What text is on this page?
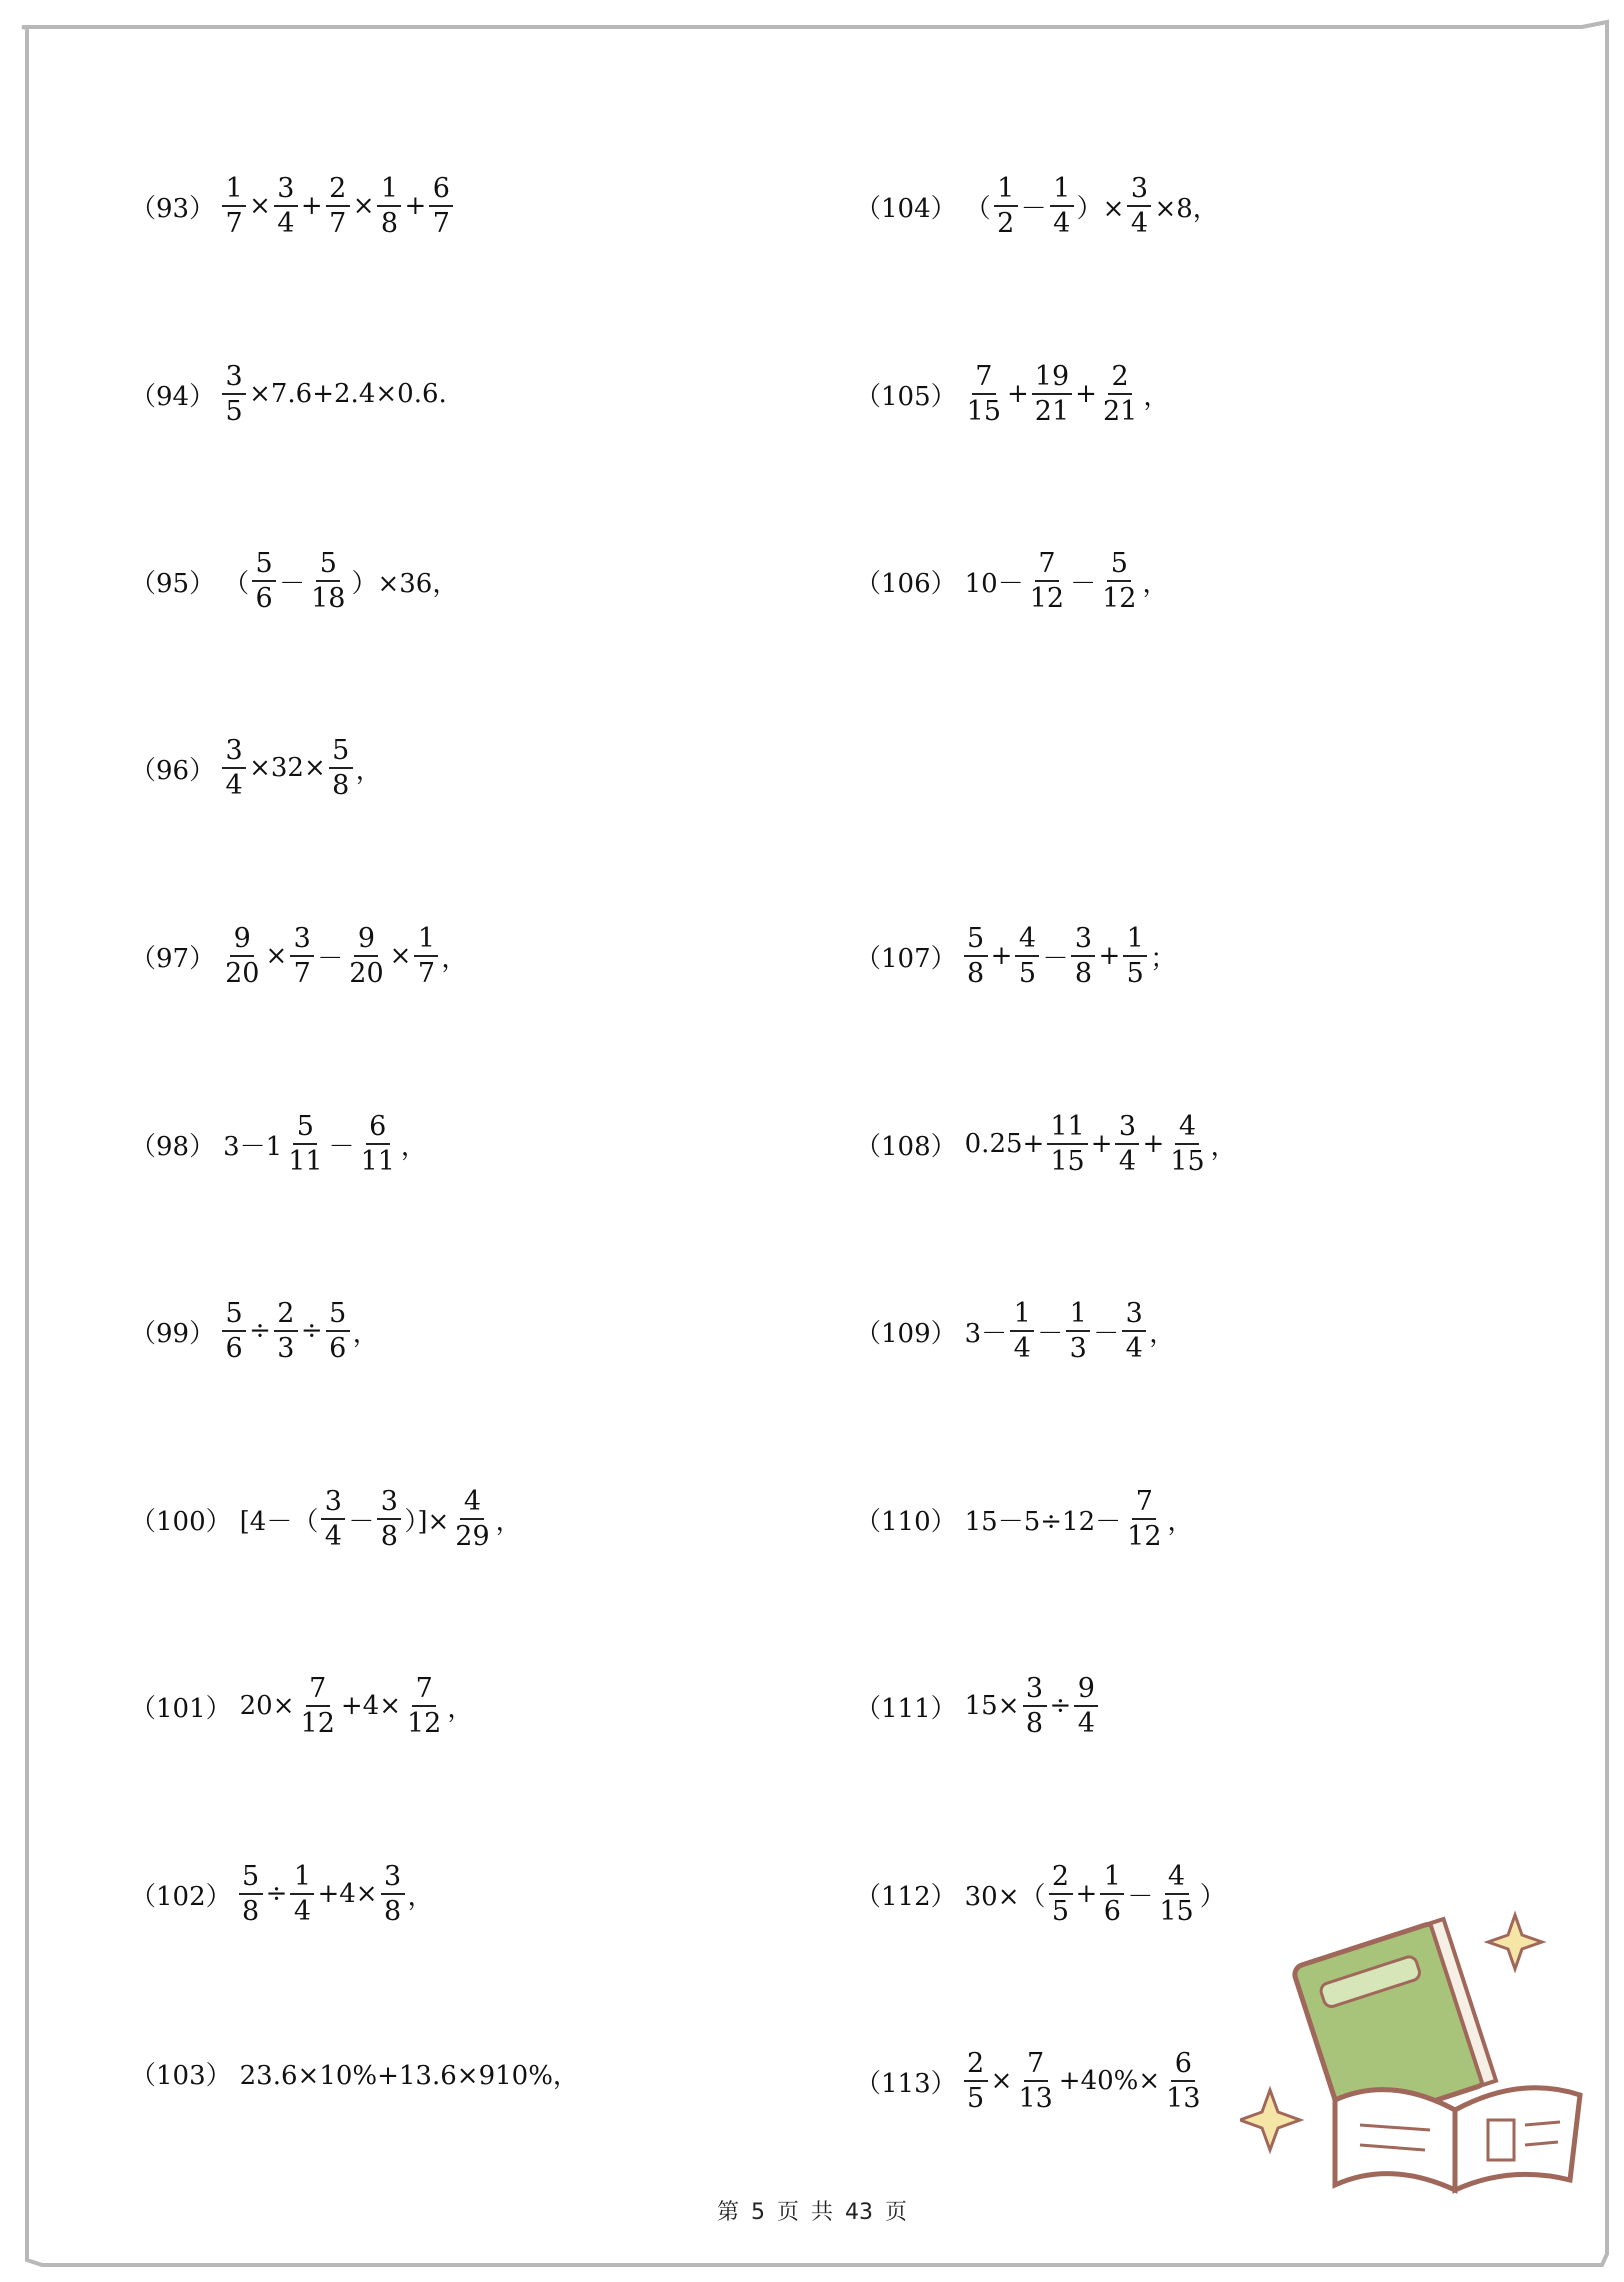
$(93) \frac{1}{7} \times \frac{3}{4} + \frac{2}{7} \times \frac{1}{8} + \frac{6}{7}$
$(94) \frac{3}{5} \times 7.6+2.4\times 0.6$.
（95） （ $\frac{5}{6} - \frac{5}{18} )\times 36$，
$(96) \frac{3}{4} \times 32\times \frac{5}{8}$ ，
$(97) \frac{9}{20} \times \frac{3}{7} - \frac{9}{20} \times \frac{1}{7}$ ，
（98） $3-1 \frac{5}{11} - \frac{6}{11}$ ，
$(99) \frac{5}{6} \div \frac{2}{3} \div \frac{5}{6}$ ，
（100） [$4-( \frac{3}{4} - \frac{3}{8}$ ）]× $\frac{4}{29}$ ，
（101） $20\times \frac{7}{12} +4\times \frac{7}{12}$ ，
$(102) \frac{5}{8} \div \frac{1}{4} +4\times \frac{3}{8}$ ，
（103） 23.6×10%+13.6×910%，
（104） （ $\frac{1}{2} - \frac{1}{4}$ ）× $\frac{3}{4} \times 8$，
$(105) \frac{7}{15} + \frac{19}{21} + \frac{2}{21}$ ，
（106） $10- \frac{7}{12} - \frac{5}{12}$ ，
$(107) \frac{5}{8} + \frac{4}{5} - \frac{3}{8} + \frac{1}{5}$ ；
（108） $0.25+ \frac{11}{15} + \frac{3}{4} + \frac{4}{15}$ ，
（109） $3- \frac{1}{4} - \frac{1}{3} - \frac{3}{4}$ ，
（110） $15-5\div 12- \frac{7}{12}$ ，
（111） $15\times \frac{3}{8} \div \frac{9}{4}$
（112） $30\times( \frac{2}{5} + \frac{1}{6} - \frac{4}{15}$ ）
$(113) \frac{2}{5} \times \frac{7}{13} +40\%\times \frac{6}{13}$
第 5 页 共 43 页
